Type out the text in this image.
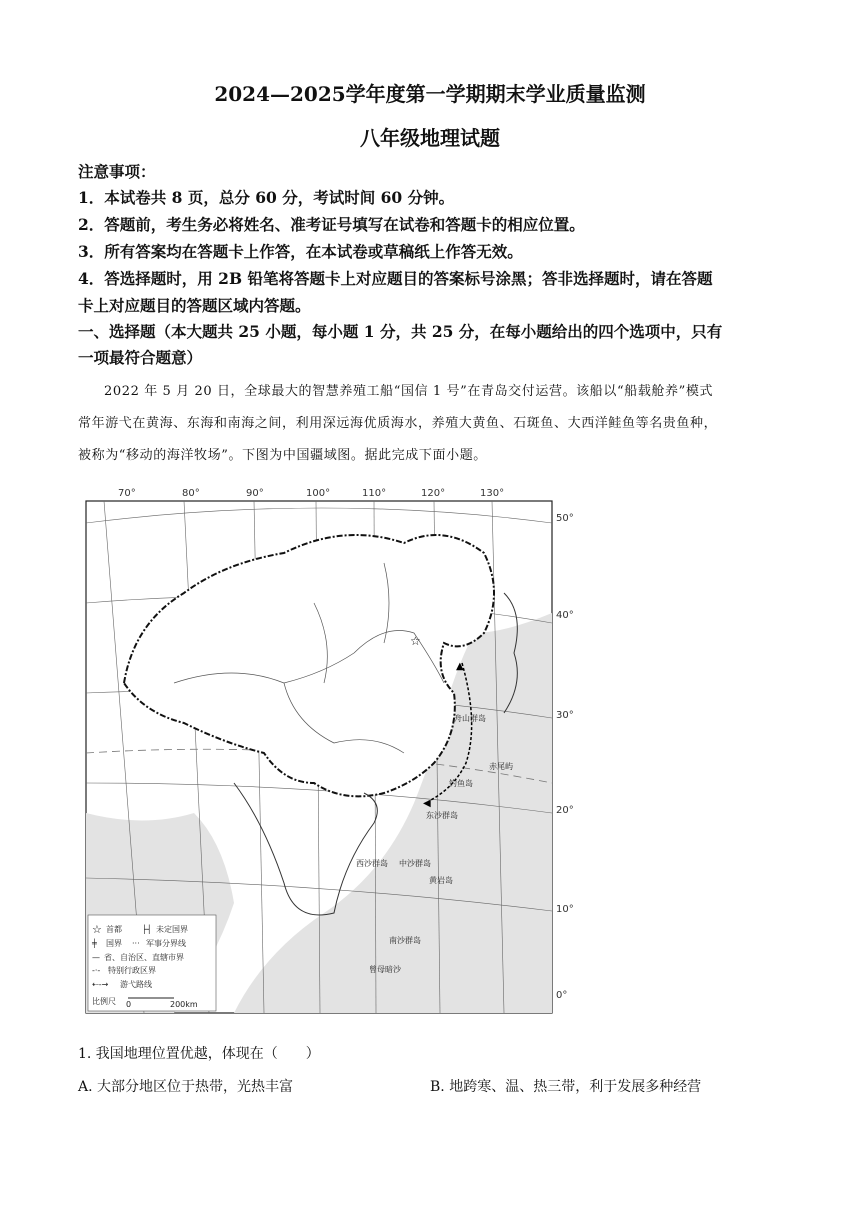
2024—2025学年度第一学期期末学业质量监测
八年级地理试题
注意事项：
1．本试卷共 8 页，总分 60 分，考试时间 60 分钟。
2．答题前，考生务必将姓名、准考证号填写在试卷和答题卡的相应位置。
3．所有答案均在答题卡上作答，在本试卷或草稿纸上作答无效。
4．答选择题时，用 2B 铅笔将答题卡上对应题目的答案标号涂黑；答非选择题时，请在答题
卡上对应题目的答题区域内答题。
一、选择题（本大题共 25 小题，每小题 1 分，共 25 分，在每小题给出的四个选项中，只有
一项最符合题意）
2022 年 5 月 20 日，全球最大的智慧养殖工船“国信 1 号”在青岛交付运营。该船以“船载舱养”模式
常年游弋在黄海、东海和南海之间，利用深远海优质海水，养殖大黄鱼、石斑鱼、大西洋鲑鱼等名贵鱼种，
被称为“移动的海洋牧场”。下图为中国疆域图。据此完成下面小题。
70°	80°	90°	100°	110°	120°	130°
50°
40°
30°
20°
10°
0°
☆
▲
◀
舟山群岛
赤尾屿
钓鱼岛
东沙群岛
西沙群岛 中沙群岛
黄岩岛
南沙群岛
曾母暗沙
☆ 首都	├┤ 未定国界
╪ 国界 ··· 军事分界线
— 省、自治区、直辖市界
-·- 特别行政区界
⇠-→ 游弋路线
比例尺 0	200km
1. 我国地理位置优越，体现在（　　）
A. 大部分地区位于热带，光热丰富	B. 地跨寒、温、热三带，利于发展多种经营
